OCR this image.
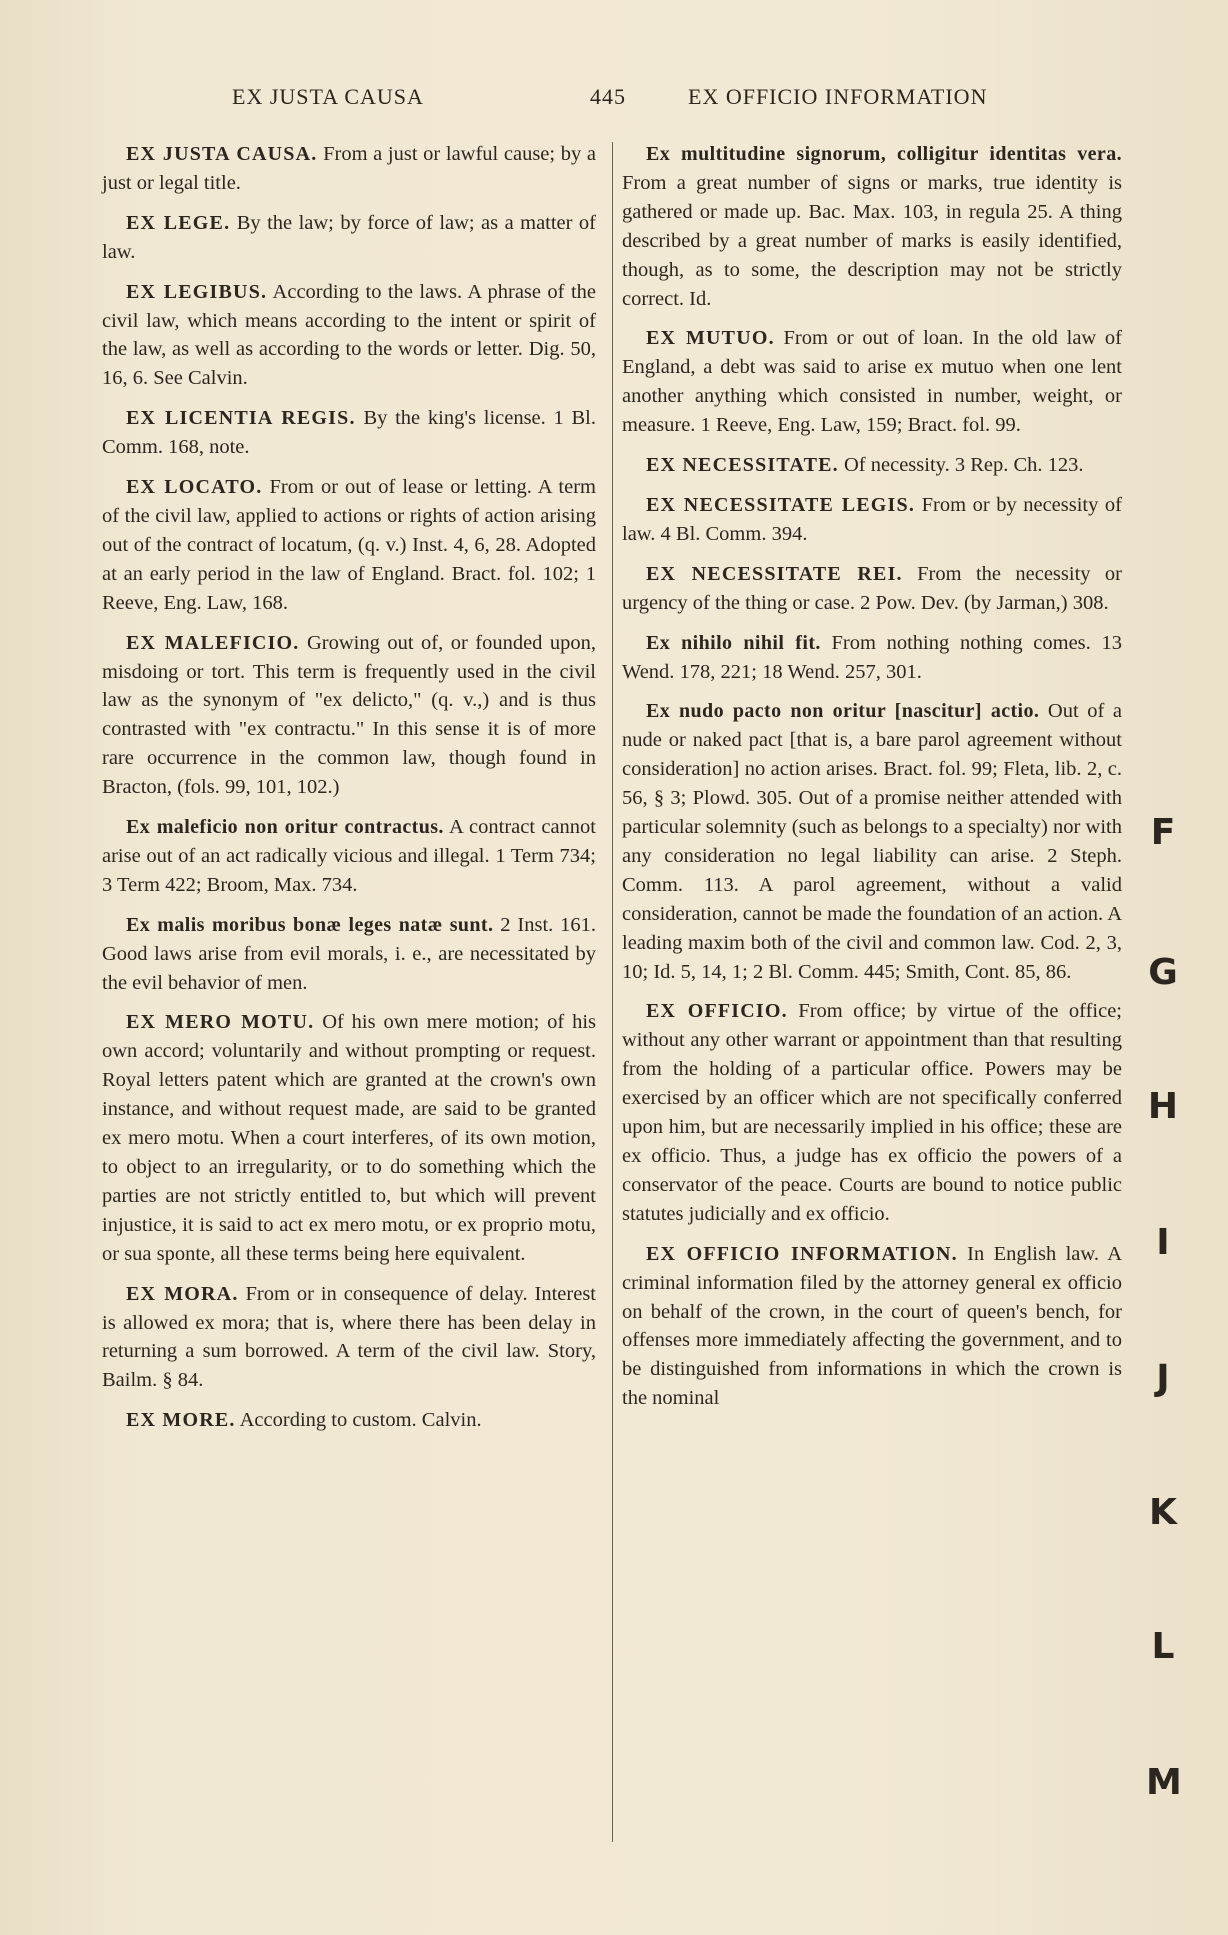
EX JUSTA CAUSA	445	EX OFFICIO INFORMATION

EX JUSTA CAUSA. From a just or lawful cause; by a just or legal title.

EX LEGE. By the law; by force of law; as a matter of law.

EX LEGIBUS. According to the laws. A phrase of the civil law, which means according to the intent or spirit of the law, as well as according to the words or letter. Dig. 50, 16, 6. See Calvin.

EX LICENTIA REGIS. By the king's license. 1 Bl. Comm. 168, note.

EX LOCATO. From or out of lease or letting. A term of the civil law, applied to actions or rights of action arising out of the contract of locatum, (q. v.) Inst. 4, 6, 28. Adopted at an early period in the law of England. Bract. fol. 102; 1 Reeve, Eng. Law, 168.

EX MALEFICIO. Growing out of, or founded upon, misdoing or tort. This term is frequently used in the civil law as the synonym of "ex delicto," (q. v.,) and is thus contrasted with "ex contractu." In this sense it is of more rare occurrence in the common law, though found in Bracton, (fols. 99, 101, 102.)

Ex maleficio non oritur contractus. A contract cannot arise out of an act radically vicious and illegal. 1 Term 734; 3 Term 422; Broom, Max. 734.

Ex malis moribus bonæ leges natæ sunt. 2 Inst. 161. Good laws arise from evil morals, i. e., are necessitated by the evil behavior of men.

EX MERO MOTU. Of his own mere motion; of his own accord; voluntarily and without prompting or request. Royal letters patent which are granted at the crown's own instance, and without request made, are said to be granted ex mero motu. When a court interferes, of its own motion, to object to an irregularity, or to do something which the parties are not strictly entitled to, but which will prevent injustice, it is said to act ex mero motu, or ex proprio motu, or sua sponte, all these terms being here equivalent.

EX MORA. From or in consequence of delay. Interest is allowed ex mora; that is, where there has been delay in returning a sum borrowed. A term of the civil law. Story, Bailm. § 84.

EX MORE. According to custom. Calvin.

Ex multitudine signorum, colligitur identitas vera. From a great number of signs or marks, true identity is gathered or made up. Bac. Max. 103, in regula 25. A thing described by a great number of marks is easily identified, though, as to some, the description may not be strictly correct. Id.

EX MUTUO. From or out of loan. In the old law of England, a debt was said to arise ex mutuo when one lent another anything which consisted in number, weight, or measure. 1 Reeve, Eng. Law, 159; Bract. fol. 99.

EX NECESSITATE. Of necessity. 3 Rep. Ch. 123.

EX NECESSITATE LEGIS. From or by necessity of law. 4 Bl. Comm. 394.

EX NECESSITATE REI. From the necessity or urgency of the thing or case. 2 Pow. Dev. (by Jarman,) 308.

Ex nihilo nihil fit. From nothing nothing comes. 13 Wend. 178, 221; 18 Wend. 257, 301.

Ex nudo pacto non oritur [nascitur] actio. Out of a nude or naked pact [that is, a bare parol agreement without consideration] no action arises. Bract. fol. 99; Fleta, lib. 2, c. 56, § 3; Plowd. 305. Out of a promise neither attended with particular solemnity (such as belongs to a specialty) nor with any consideration no legal liability can arise. 2 Steph. Comm. 113. A parol agreement, without a valid consideration, cannot be made the foundation of an action. A leading maxim both of the civil and common law. Cod. 2, 3, 10; Id. 5, 14, 1; 2 Bl. Comm. 445; Smith, Cont. 85, 86.

EX OFFICIO. From office; by virtue of the office; without any other warrant or appointment than that resulting from the holding of a particular office. Powers may be exercised by an officer which are not specifically conferred upon him, but are necessarily implied in his office; these are ex officio. Thus, a judge has ex officio the powers of a conservator of the peace. Courts are bound to notice public statutes judicially and ex officio.

EX OFFICIO INFORMATION. In English law. A criminal information filed by the attorney general ex officio on behalf of the crown, in the court of queen's bench, for offenses more immediately affecting the government, and to be distinguished from informations in which the crown is the nominal

F
G
H
I
J
K
L
M
